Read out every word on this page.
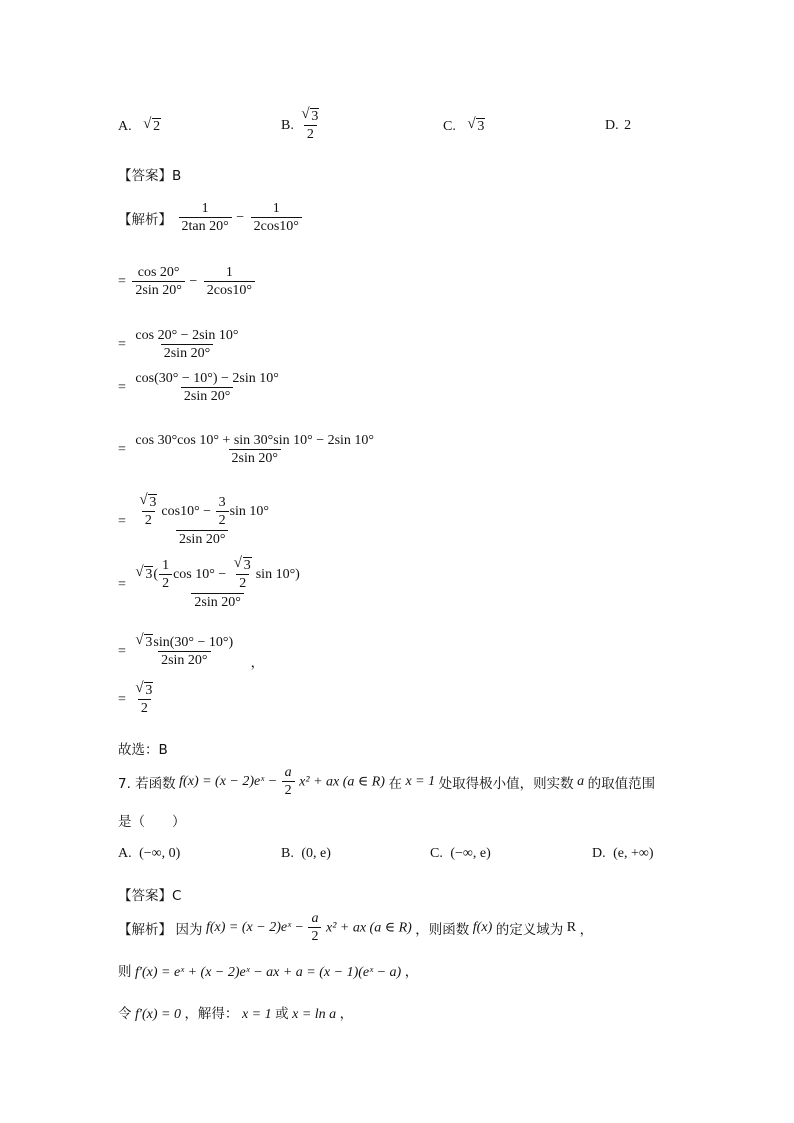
A. √ 2	B. $\frac{√ 3}{2}$	C. √ 3	D. 2
【答案】B
【解析】 $\frac{1}{2\tan 20^\circ} - \frac{1}{2\cos 10^\circ}$
= $\frac{\cos 20^\circ}{2\sin 20^\circ} - \frac{1}{2\cos 10^\circ}$
= $\frac{\cos 20^\circ - 2\sin 10^\circ}{2\sin 20^\circ}$
= $\frac{\cos(30^\circ - 10^\circ) - 2\sin 10^\circ}{2\sin 20^\circ}$
= $\frac{\cos 30^\circ\cos 10^\circ + \sin 30^\circ\sin 10^\circ - 2\sin 10^\circ}{2\sin 20^\circ}$
= $\frac{\frac{√ 3}{2} \cos 10^\circ - \frac{3}{2} \sin 10^\circ}{2\sin 20^\circ}$
= $\frac{√ 3( \frac{1}{2} \cos 10^\circ - \frac{√ 3}{2} \sin 10^\circ)}{2\sin 20^\circ}$
= $\frac{√ 3\sin(30^\circ - 10^\circ)}{2\sin 20^\circ}$ ，
= $\frac{√ 3}{2}$
故选：B
7. 若函数 f(x) = (x − 2)eˣ − $\frac{a}{2} x^2$ + ax (a ∈ R) 在 x = 1 处取得极小值，则实数 a 的取值范围
是（　　）
A. (−∞, 0)	B. (0, e)	C. (−∞, e)	D. (e, +∞)
【答案】C
【解析】 因为 f(x) = (x − 2)eˣ − $\frac{a}{2} x^2$ + ax (a ∈ R) ，则函数 f(x) 的定义域为 R ，
则 f′(x) = eˣ + (x − 2)eˣ − ax + a = (x − 1)(eˣ − a) ，
令 f′(x) = 0 ，解得： x = 1 或 x = ln a ，
